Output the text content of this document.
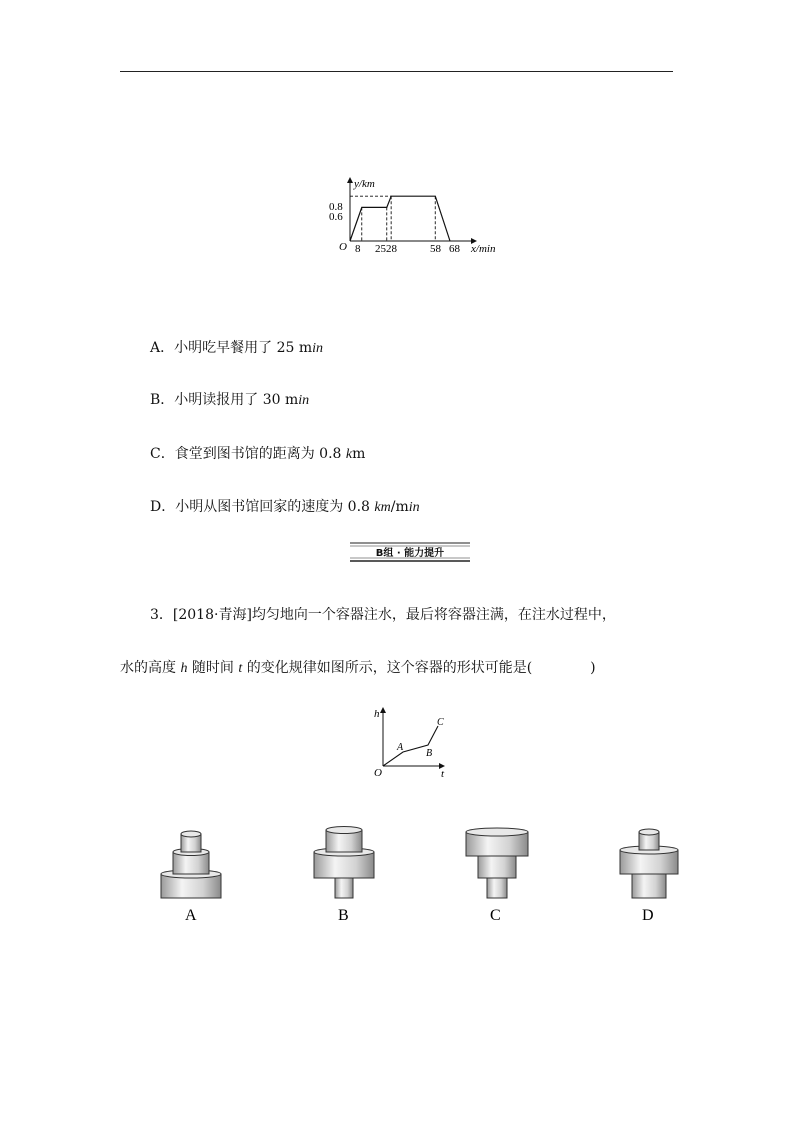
y/km
x/min
O
0.8
0.6
8 2528	58 68
A．小明吃早餐用了 25 min
B．小明读报用了 30 min
C．食堂到图书馆的距离为 0.8 km
D．小明从图书馆回家的速度为 0.8 km/min
B组 · 能力提升
3．[2018·青海]均匀地向一个容器注水，最后将容器注满，在注水过程中，
水的高度 h 随时间 t 的变化规律如图所示，这个容器的形状可能是(	)
h
t
O
A
B
C
A	B	C	D
